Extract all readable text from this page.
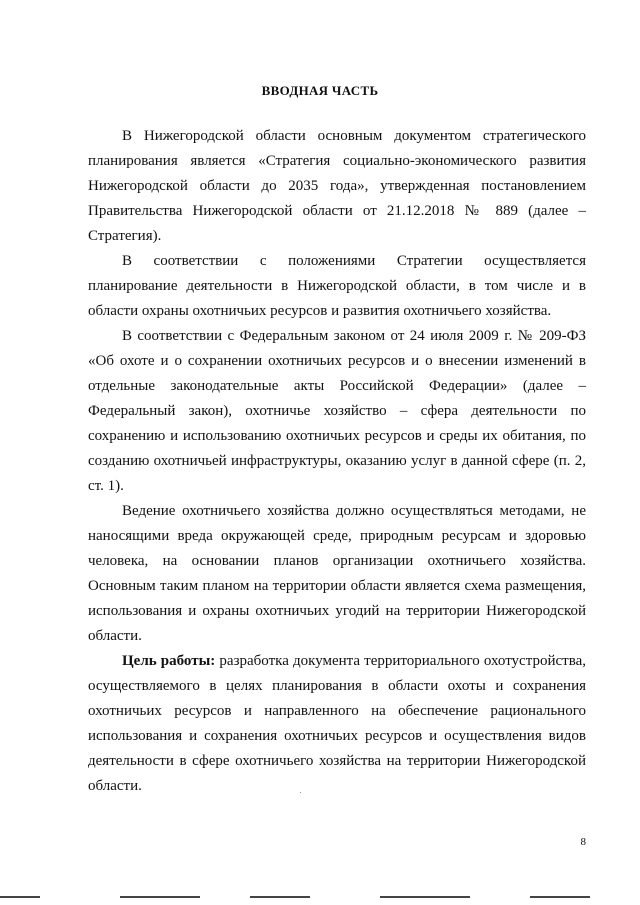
ВВОДНАЯ ЧАСТЬ

В Нижегородской области основным документом стратегического планирования является «Стратегия социально-экономического развития Нижегородской области до 2035 года», утвержденная постановлением Правительства Нижегородской области от 21.12.2018 № 889 (далее – Стратегия).

В соответствии с положениями Стратегии осуществляется планирование деятельности в Нижегородской области, в том числе и в области охраны охотничьих ресурсов и развития охотничьего хозяйства.

В соответствии с Федеральным законом от 24 июля 2009 г. № 209-ФЗ «Об охоте и о сохранении охотничьих ресурсов и о внесении изменений в отдельные законодательные акты Российской Федерации» (далее – Федеральный закон), охотничье хозяйство – сфера деятельности по сохранению и использованию охотничьих ресурсов и среды их обитания, по созданию охотничьей инфраструктуры, оказанию услуг в данной сфере (п. 2, ст. 1).

Ведение охотничьего хозяйства должно осуществляться методами, не наносящими вреда окружающей среде, природным ресурсам и здоровью человека, на основании планов организации охотничьего хозяйства. Основным таким планом на территории области является схема размещения, использования и охраны охотничьих угодий на территории Нижегородской области.

Цель работы: разработка документа территориального охотустройства, осуществляемого в целях планирования в области охоты и сохранения охотничьих ресурсов и направленного на обеспечение рационального использования и сохранения охотничьих ресурсов и осуществления видов деятельности в сфере охотничьего хозяйства на территории Нижегородской области.

8
